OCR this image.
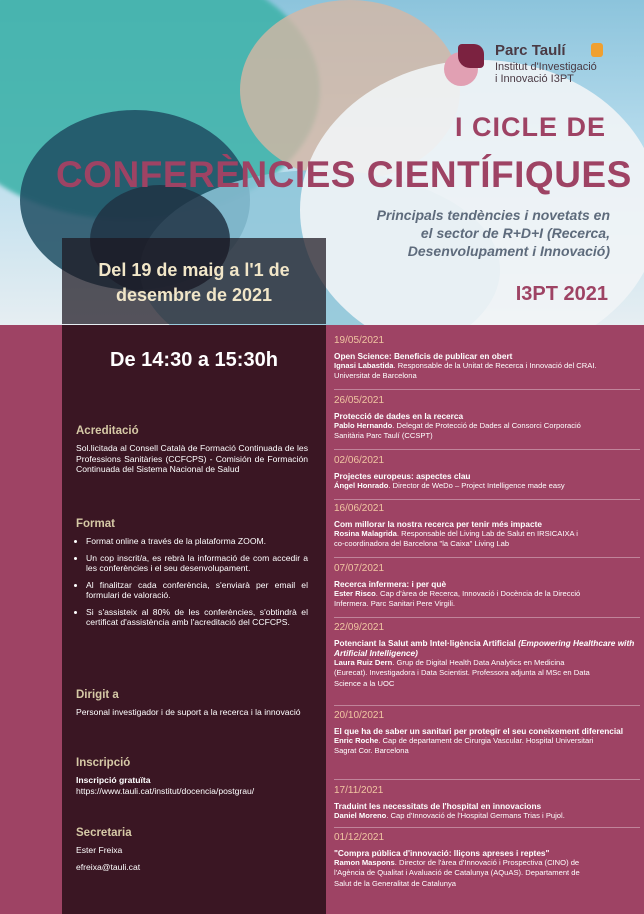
Parc Taulí
Institut d'Investigació
i Innovació I3PT
I CICLE DE
CONFERÈNCIES CIENTÍFIQUES
Principals tendències i novetats en
el sector de R+D+I (Recerca,
Desenvolupament i Innovació)
I3PT 2021
Del 19 de maig a l'1 de
desembre de 2021
De 14:30 a 15:30h
Acreditació

Sol.licitada al Consell Català de Formació Continuada de les Professions Sanitàries (CCFCPS) - Comisión de Formación Continuada del Sistema Nacional de Salud

Format
• Format online a través de la plataforma ZOOM.
• Un cop inscrit/a, es rebrà la informació de com accedir a les conferències i el seu desenvolupament.
• Al finalitzar cada conferència, s'enviarà per email el formulari de valoració.
• Si s'assisteix al 80% de les conferències, s'obtindrà el certificat d'assistència amb l'acreditació del CCFCPS.
Dirigit a

Personal investigador i de suport a la recerca i la innovació

Inscripció

Inscripció gratuïta

https://www.tauli.cat/institut/docencia/postgrau/

Secretaria

Ester Freixa

efreixa@tauli.cat

19/05/2021
Open Science: Beneficis de publicar en obert
Ignasi Labastida. Responsable de la Unitat de Recerca i Innovació del CRAI.
Universitat de Barcelona
26/05/2021
Protecció de dades en la recerca
Pablo Hernando. Delegat de Protecció de Dades al Consorci Corporació
Sanitària Parc Taulí (CCSPT)
02/06/2021
Projectes europeus: aspectes clau
Ángel Honrado. Director de WeDo – Project Intelligence made easy
16/06/2021
Com millorar la nostra recerca per tenir més impacte
Rosina Malagrida. Responsable del Living Lab de Salut en IRSICAIXA i
co-coordinadora del Barcelona "la Caixa" Living Lab
07/07/2021
Recerca infermera: i per què
Ester Risco. Cap d'àrea de Recerca, Innovació i Docència de la Direcció
Infermera. Parc Sanitari Pere Virgili.
22/09/2021
Potenciant la Salut amb Intel·ligència Artificial (Empowering Healthcare with Artificial Intelligence)
Laura Ruiz Dern. Grup de Digital Health Data Analytics en Medicina
(Eurecat). Investigadora i Data Scientist. Professora adjunta al MSc en Data
Science a la UOC
20/10/2021
El que ha de saber un sanitari per protegir el seu coneixement diferencial
Enric Roche. Cap de departament de Cirurgia Vascular. Hospital Universitari
Sagrat Cor. Barcelona
17/11/2021
Traduint les necessitats de l'hospital en innovacions
Daniel Moreno. Cap d'Innovació de l'Hospital Germans Trias i Pujol.
01/12/2021
"Compra pública d'innovació: lliçons apreses i reptes"
Ramon Maspons. Director de l'àrea d'Innovació i Prospectiva (CINO) de
l'Agència de Qualitat i Avaluació de Catalunya (AQuAS). Departament de
Salut de la Generalitat de Catalunya
